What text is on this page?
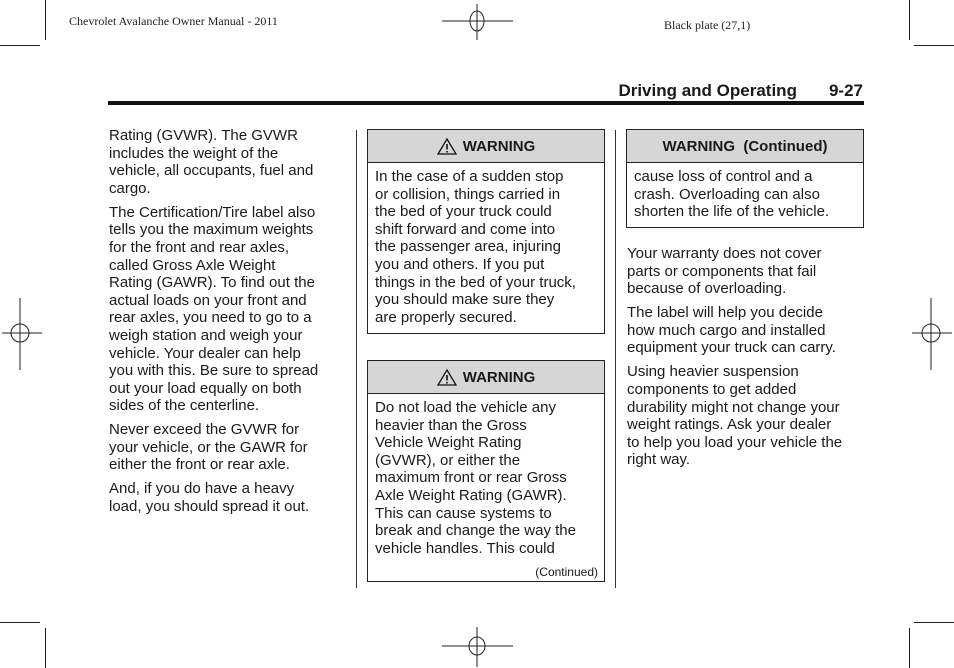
Chevrolet Avalanche Owner Manual - 2011	Black plate (27,1)
Driving and Operating 9-27
Rating (GVWR). The GVWR
includes the weight of the
vehicle, all occupants, fuel and
cargo.
The Certification/Tire label also
tells you the maximum weights
for the front and rear axles,
called Gross Axle Weight
Rating (GAWR). To find out the
actual loads on your front and
rear axles, you need to go to a
weigh station and weigh your
vehicle. Your dealer can help
you with this. Be sure to spread
out your load equally on both
sides of the centerline.
Never exceed the GVWR for
your vehicle, or the GAWR for
either the front or rear axle.
And, if you do have a heavy
load, you should spread it out.
WARNING
In the case of a sudden stop
or collision, things carried in
the bed of your truck could
shift forward and come into
the passenger area, injuring
you and others. If you put
things in the bed of your truck,
you should make sure they
are properly secured.
WARNING
Do not load the vehicle any
heavier than the Gross
Vehicle Weight Rating
(GVWR), or either the
maximum front or rear Gross
Axle Weight Rating (GAWR).
This can cause systems to
break and change the way the
vehicle handles. This could
(Continued)
WARNING  (Continued)
cause loss of control and a
crash. Overloading can also
shorten the life of the vehicle.
Your warranty does not cover
parts or components that fail
because of overloading.
The label will help you decide
how much cargo and installed
equipment your truck can carry.
Using heavier suspension
components to get added
durability might not change your
weight ratings. Ask your dealer
to help you load your vehicle the
right way.
